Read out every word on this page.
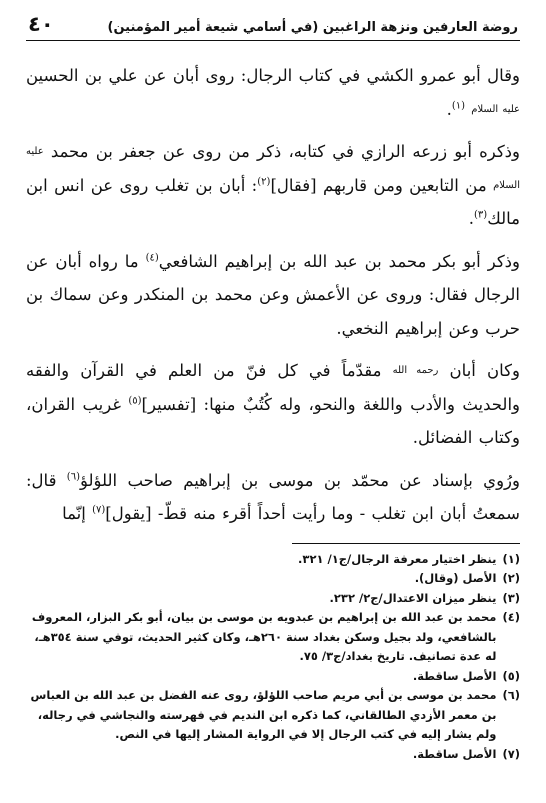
روضة العارفين ونزهة الراغبين (في أسامي شيعة أمير المؤمنين)
٤٠

وقال أبو عمرو الكشي في كتاب الرجال: روى أبان عن علي بن الحسين عليه السلام $^{(١)}$.

وذكره أبو زرعه الرازي في كتابه، ذكر من روى عن جعفر بن محمد عليه السلام من التابعين ومن قاربهم [فقال]$^{(٢)}$: أبان بن تغلب روى عن انس ابن مالك$^{(٣)}$.

وذكر أبو بكر محمد بن عبد الله بن إبراهيم الشافعي$^{(٤)}$ ما رواه أبان عن الرجال فقال: وروى عن الأعمش وعن محمد بن المنكدر وعن سماك بن حرب وعن إبراهيم النخعي.

وكان أبان رحمه الله مقدّماً في كل فنّ من العلم في القرآن والفقه والحديث والأدب واللغة والنحو، وله كُتُبٌ منها: [تفسير]$^{(٥)}$ غريب القران، وكتاب الفضائل.

ورُوي بإسناد عن محمّد بن موسى بن إبراهيم صاحب اللؤلؤ$^{(٦)}$ قال: سمعتُ أبان ابن تغلب - وما رأيت أحداً أقرء منه قطّ- [يقول]$^{(٧)}$ إنّما

(١)
ينظر اختيار معرفة الرجال/ج١/ ٣٢١.
(٢)
الأصل (وقال).
(٣)
ينظر ميزان الاعتدال/ج٢/ ٢٣٢.
(٤)
محمد بن عبد الله بن إبراهيم بن عبدويه بن موسى بن بيان، أبو بكر البزار، المعروف بالشافعي، ولد بجيل وسكن بغداد سنة ٢٦٠هـ، وكان كثير الحديث، توفي سنة ٣٥٤هـ، له عدة تصانيف. تاريخ بغداد/ج٣/ ٧٥.
(٥)
الأصل ساقطة.
(٦)
محمد بن موسى بن أبي مريم صاحب اللؤلؤ، روى عنه الفضل بن عبد الله بن العباس بن معمر الأزدي الطالقاني، كما ذكره ابن النديم في فهرسته والنجاشي في رجاله، ولم يشار إليه في كتب الرجال إلا في الرواية المشار إليها في النص.
(٧)
الأصل ساقطة.
